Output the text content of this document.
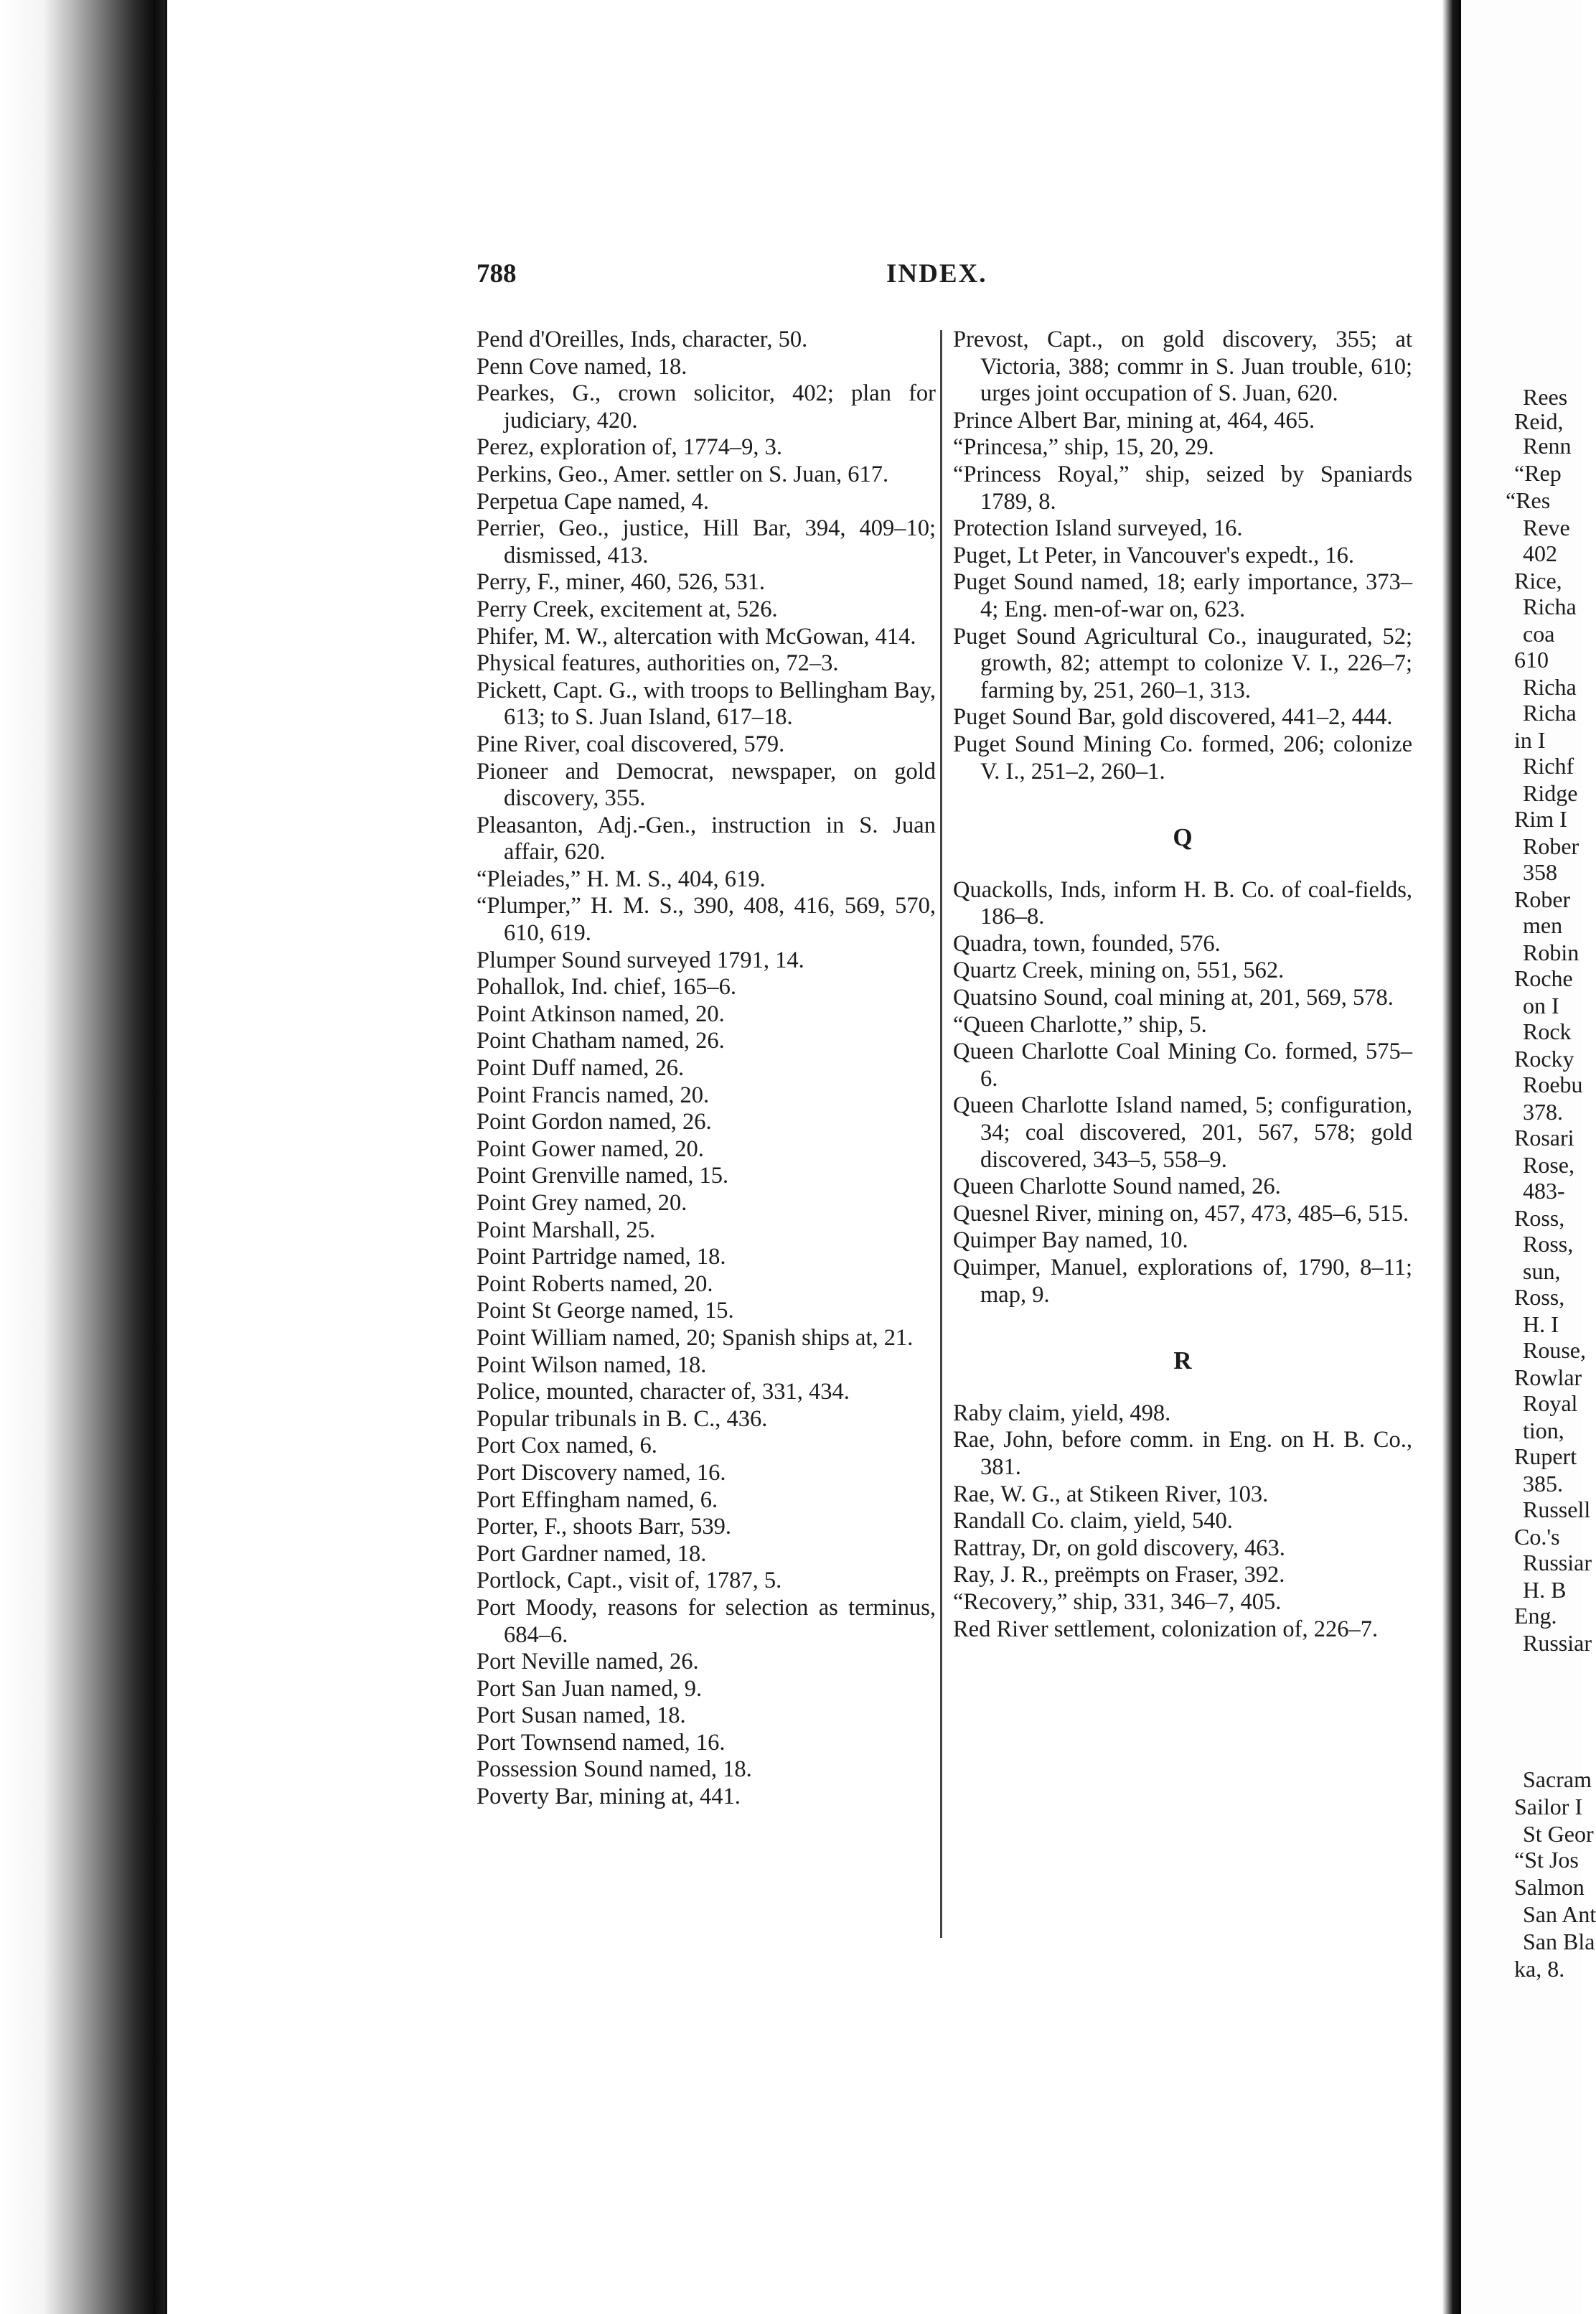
788	INDEX.

Pend d'Oreilles, Inds, character, 50.

Penn Cove named, 18.

Pearkes, G., crown solicitor, 402; plan for judiciary, 420.

Perez, exploration of, 1774–9, 3.

Perkins, Geo., Amer. settler on S. Juan, 617.

Perpetua Cape named, 4.

Perrier, Geo., justice, Hill Bar, 394, 409–10; dismissed, 413.

Perry, F., miner, 460, 526, 531.

Perry Creek, excitement at, 526.

Phifer, M. W., altercation with McGowan, 414.

Physical features, authorities on, 72–3.

Pickett, Capt. G., with troops to Bellingham Bay, 613; to S. Juan Island, 617–18.

Pine River, coal discovered, 579.

Pioneer and Democrat, newspaper, on gold discovery, 355.

Pleasanton, Adj.-Gen., instruction in S. Juan affair, 620.

“Pleiades,” H. M. S., 404, 619.

“Plumper,” H. M. S., 390, 408, 416, 569, 570, 610, 619.

Plumper Sound surveyed 1791, 14.

Pohallok, Ind. chief, 165–6.

Point Atkinson named, 20.

Point Chatham named, 26.

Point Duff named, 26.

Point Francis named, 20.

Point Gordon named, 26.

Point Gower named, 20.

Point Grenville named, 15.

Point Grey named, 20.

Point Marshall, 25.

Point Partridge named, 18.

Point Roberts named, 20.

Point St George named, 15.

Point William named, 20; Spanish ships at, 21.

Point Wilson named, 18.

Police, mounted, character of, 331, 434.

Popular tribunals in B. C., 436.

Port Cox named, 6.

Port Discovery named, 16.

Port Effingham named, 6.

Porter, F., shoots Barr, 539.

Port Gardner named, 18.

Portlock, Capt., visit of, 1787, 5.

Port Moody, reasons for selection as terminus, 684–6.

Port Neville named, 26.

Port San Juan named, 9.

Port Susan named, 18.

Port Townsend named, 16.

Possession Sound named, 18.

Poverty Bar, mining at, 441.

Prevost, Capt., on gold discovery, 355; at Victoria, 388; commr in S. Juan trouble, 610; urges joint occupation of S. Juan, 620.

Prince Albert Bar, mining at, 464, 465.

“Princesa,” ship, 15, 20, 29.

“Princess Royal,” ship, seized by Spaniards 1789, 8.

Protection Island surveyed, 16.

Puget, Lt Peter, in Vancouver's expedt., 16.

Puget Sound named, 18; early importance, 373–4; Eng. men-of-war on, 623.

Puget Sound Agricultural Co., inaugurated, 52; growth, 82; attempt to colonize V. I., 226–7; farming by, 251, 260–1, 313.

Puget Sound Bar, gold discovered, 441–2, 444.

Puget Sound Mining Co. formed, 206; colonize V. I., 251–2, 260–1.

Q

Quackolls, Inds, inform H. B. Co. of coal-fields, 186–8.

Quadra, town, founded, 576.

Quartz Creek, mining on, 551, 562.

Quatsino Sound, coal mining at, 201, 569, 578.

“Queen Charlotte,” ship, 5.

Queen Charlotte Coal Mining Co. formed, 575–6.

Queen Charlotte Island named, 5; configuration, 34; coal discovered, 201, 567, 578; gold discovered, 343–5, 558–9.

Queen Charlotte Sound named, 26.

Quesnel River, mining on, 457, 473, 485–6, 515.

Quimper Bay named, 10.

Quimper, Manuel, explorations of, 1790, 8–11; map, 9.

R

Raby claim, yield, 498.

Rae, John, before comm. in Eng. on H. B. Co., 381.

Rae, W. G., at Stikeen River, 103.

Randall Co. claim, yield, 540.

Rattray, Dr, on gold discovery, 463.

Ray, J. R., preëmpts on Fraser, 392.

“Recovery,” ship, 331, 346–7, 405.

Red River settlement, colonization of, 226–7.

Rees
Reid,
Renn
“Rep
“Res
Reve
402
Rice,
Richa
coa
610
Richa
Richa
in I
Richf
Ridge
Rim I
Rober
358
Rober
men
Robin
Roche
on I
Rock
Rocky
Roebu
378.
Rosari
Rose,
483-
Ross,
Ross,
sun,
Ross,
H. I
Rouse,
Rowlar
Royal
tion,
Rupert
385.
Russell
Co.'s
Russiar
H. B
Eng.
Russiar
Sacram
Sailor I
St Geor
“St Jos
Salmon
San Ant
San Bla
ka, 8.
